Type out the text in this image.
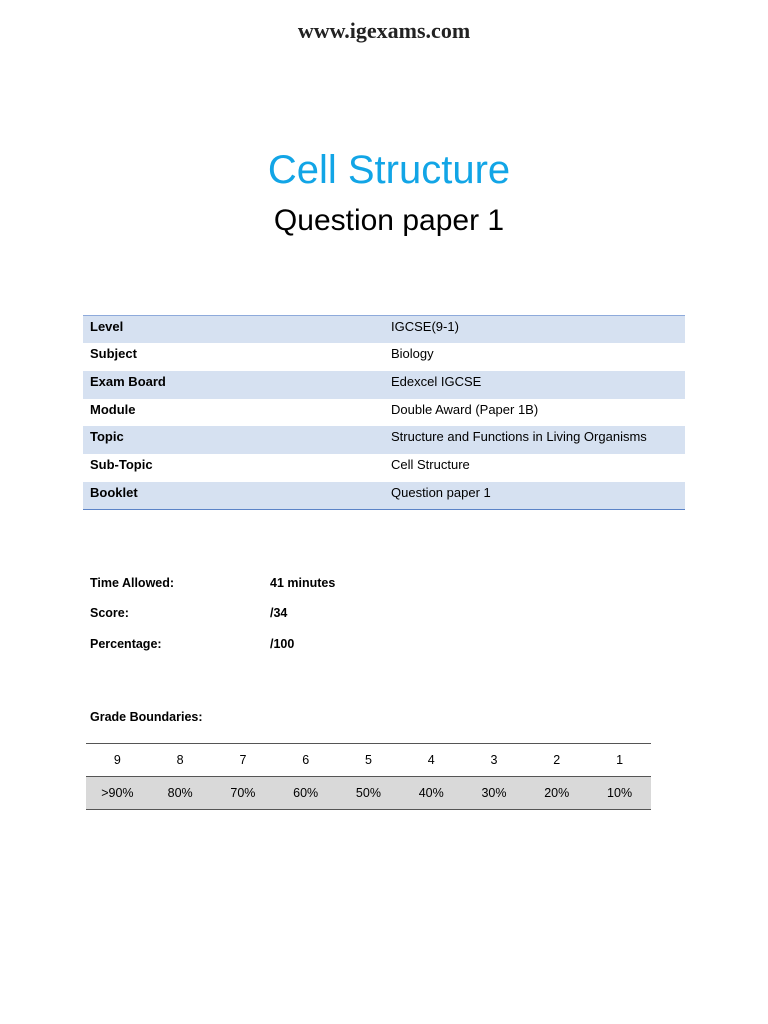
www.igexams.com
Cell Structure
Question paper 1
Level	IGCSE(9-1)
Subject	Biology
Exam Board	Edexcel IGCSE
Module	Double Award (Paper 1B)
Topic	Structure and Functions in Living Organisms
Sub-Topic	Cell Structure
Booklet	Question paper 1
Time Allowed:	41 minutes
Score:	/34
Percentage:	/100
Grade Boundaries:
9	8	7	6	5	4	3	2	1
>90%	80%	70%	60%	50%	40%	30%	20%	10%
